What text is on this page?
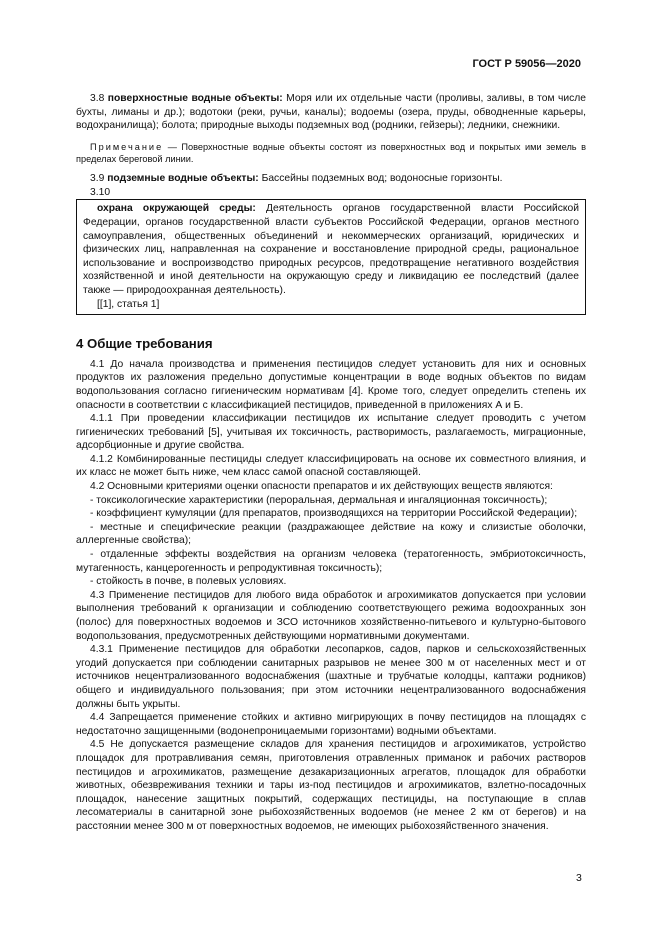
ГОСТ Р 59056—2020

3.8 поверхностные водные объекты: Моря или их отдельные части (проливы, заливы, в том числе бухты, лиманы и др.); водотоки (реки, ручьи, каналы); водоемы (озера, пруды, обводненные карьеры, водохранилища); болота; природные выходы подземных вод (родники, гейзеры); ледники, снежники.

Примечание — Поверхностные водные объекты состоят из поверхностных вод и покрытых ими земель в пределах береговой линии.

3.9 подземные водные объекты: Бассейны подземных вод; водоносные горизонты.

3.10

охрана окружающей среды: Деятельность органов государственной власти Российской Федерации, органов государственной власти субъектов Российской Федерации, органов местного самоуправления, общественных объединений и некоммерческих организаций, юридических и физических лиц, направленная на сохранение и восстановление природной среды, рациональное использование и воспроизводство природных ресурсов, предотвращение негативного воздействия хозяйственной и иной деятельности на окружающую среду и ликвидацию ее последствий (далее также — природоохранная деятельность).

[[1], статья 1]

4 Общие требования

4.1 До начала производства и применения пестицидов следует установить для них и основных продуктов их разложения предельно допустимые концентрации в воде водных объектов по видам водопользования согласно гигиеническим нормативам [4]. Кроме того, следует определить степень их опасности в соответствии с классификацией пестицидов, приведенной в приложениях А и Б.

4.1.1 При проведении классификации пестицидов их испытание следует проводить с учетом гигиенических требований [5], учитывая их токсичность, растворимость, разлагаемость, миграционные, адсорбционные и другие свойства.

4.1.2 Комбинированные пестициды следует классифицировать на основе их совместного влияния, и их класс не может быть ниже, чем класс самой опасной составляющей.

4.2 Основными критериями оценки опасности препаратов и их действующих веществ являются:

- токсикологические характеристики (пероральная, дермальная и ингаляционная токсичность);

- коэффициент кумуляции (для препаратов, производящихся на территории Российской Федерации);

- местные и специфические реакции (раздражающее действие на кожу и слизистые оболочки, аллергенные свойства);

- отдаленные эффекты воздействия на организм человека (тератогенность, эмбриотоксичность, мутагенность, канцерогенность и репродуктивная токсичность);

- стойкость в почве, в полевых условиях.

4.3 Применение пестицидов для любого вида обработок и агрохимикатов допускается при условии выполнения требований к организации и соблюдению соответствующего режима водоохранных зон (полос) для поверхностных водоемов и ЗСО источников хозяйственно-питьевого и культурно-бытового водопользования, предусмотренных действующими нормативными документами.

4.3.1 Применение пестицидов для обработки лесопарков, садов, парков и сельскохозяйственных угодий допускается при соблюдении санитарных разрывов не менее 300 м от населенных мест и от источников нецентрализованного водоснабжения (шахтные и трубчатые колодцы, каптажи родников) общего и индивидуального пользования; при этом источники нецентрализованного водоснабжения должны быть укрыты.

4.4 Запрещается применение стойких и активно мигрирующих в почву пестицидов на площадях с недостаточно защищенными (водонепроницаемыми горизонтами) водными объектами.

4.5 Не допускается размещение складов для хранения пестицидов и агрохимикатов, устройство площадок для протравливания семян, приготовления отравленных приманок и рабочих растворов пестицидов и агрохимикатов, размещение дезакаризационных агрегатов, площадок для обработки животных, обезвреживания техники и тары из-под пестицидов и агрохимикатов, взлетно-посадочных площадок, нанесение защитных покрытий, содержащих пестициды, на поступающие в сплав лесоматериалы в санитарной зоне рыбохозяйственных водоемов (не менее 2 км от берегов) и на расстоянии менее 300 м от поверхностных водоемов, не имеющих рыбохозяйственного значения.

3
